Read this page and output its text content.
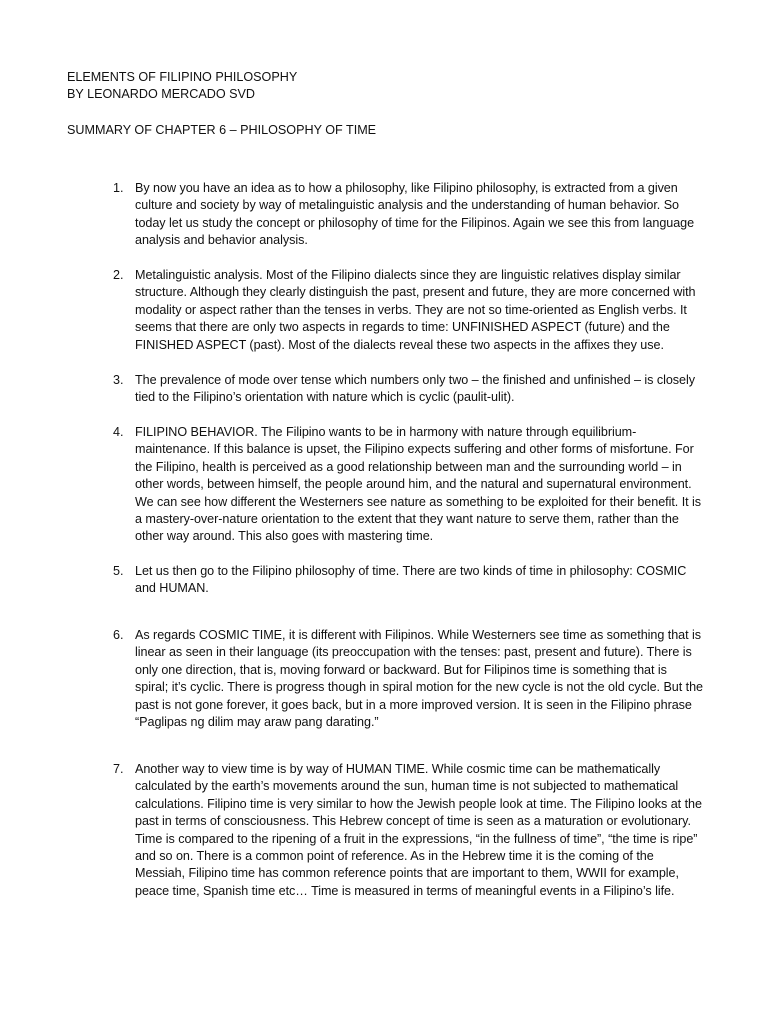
ELEMENTS OF FILIPINO PHILOSOPHY
BY LEONARDO MERCADO SVD
SUMMARY OF CHAPTER 6 – PHILOSOPHY OF TIME
1. By now you have an idea as to how a philosophy, like Filipino philosophy, is extracted from a given culture and society by way of metalinguistic analysis and the understanding of human behavior. So today let us study the concept or philosophy of time for the Filipinos. Again we see this from language analysis and behavior analysis.
2. Metalinguistic analysis. Most of the Filipino dialects since they are linguistic relatives display similar structure. Although they clearly distinguish the past, present and future, they are more concerned with modality or aspect rather than the tenses in verbs. They are not so time-oriented as English verbs. It seems that there are only two aspects in regards to time: UNFINISHED ASPECT (future) and the FINISHED ASPECT (past). Most of the dialects reveal these two aspects in the affixes they use.
3. The prevalence of mode over tense which numbers only two – the finished and unfinished – is closely tied to the Filipino’s orientation with nature which is cyclic (paulit-ulit).
4. FILIPINO BEHAVIOR. The Filipino wants to be in harmony with nature through equilibrium-maintenance. If this balance is upset, the Filipino expects suffering and other forms of misfortune. For the Filipino, health is perceived as a good relationship between man and the surrounding world – in other words, between himself, the people around him, and the natural and supernatural environment. We can see how different the Westerners see nature as something to be exploited for their benefit. It is a mastery-over-nature orientation to the extent that they want nature to serve them, rather than the other way around. This also goes with mastering time.
5. Let us then go to the Filipino philosophy of time. There are two kinds of time in philosophy: COSMIC and HUMAN.
6. As regards COSMIC TIME, it is different with Filipinos. While Westerners see time as something that is linear as seen in their language (its preoccupation with the tenses: past, present and future). There is only one direction, that is, moving forward or backward. But for Filipinos time is something that is spiral; it’s cyclic. There is progress though in spiral motion for the new cycle is not the old cycle. But the past is not gone forever, it goes back, but in a more improved version. It is seen in the Filipino phrase “Paglipas ng dilim may araw pang darating.”
7. Another way to view time is by way of HUMAN TIME. While cosmic time can be mathematically calculated by the earth’s movements around the sun, human time is not subjected to mathematical calculations. Filipino time is very similar to how the Jewish people look at time. The Filipino looks at the past in terms of consciousness. This Hebrew concept of time is seen as a maturation or evolutionary. Time is compared to the ripening of a fruit in the expressions, “in the fullness of time”, “the time is ripe” and so on. There is a common point of reference. As in the Hebrew time it is the coming of the Messiah, Filipino time has common reference points that are important to them, WWII for example, peace time, Spanish time etc… Time is measured in terms of meaningful events in a Filipino’s life.
